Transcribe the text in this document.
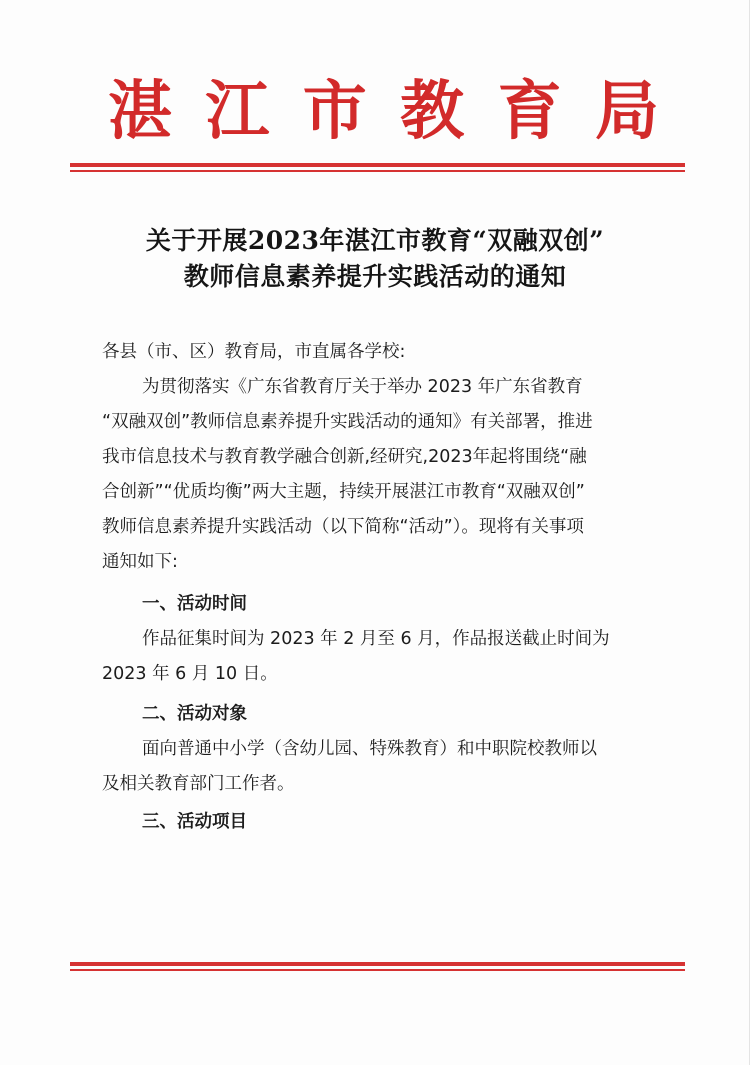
湛 江 市 教 育 局
关于开展2023年湛江市教育“双融双创”
教师信息素养提升实践活动的通知
各县（市、区）教育局，市直属各学校:
为贯彻落实《广东省教育厅关于举办 2023 年广东省教育
“双融双创”教师信息素养提升实践活动的通知》有关部署，推进
我市信息技术与教育教学融合创新,经研究,2023年起将围绕“融
合创新”“优质均衡”两大主题，持续开展湛江市教育“双融双创”
教师信息素养提升实践活动（以下简称“活动”）。现将有关事项
通知如下:
一、活动时间
作品征集时间为 2023 年 2 月至 6 月，作品报送截止时间为
2023 年 6 月 10 日。
二、活动对象
面向普通中小学（含幼儿园、特殊教育）和中职院校教师以
及相关教育部门工作者。
三、活动项目
